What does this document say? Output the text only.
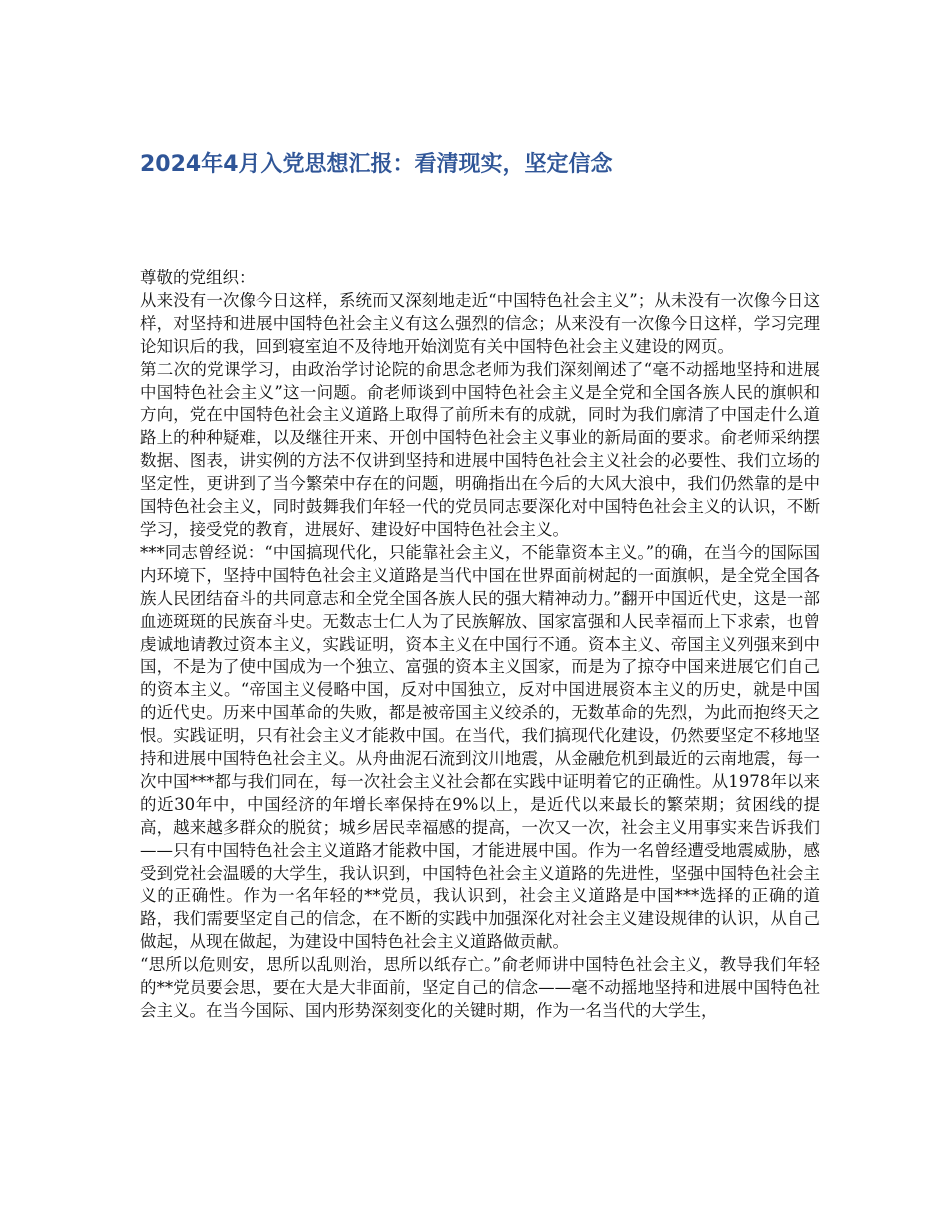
2024年4月入党思想汇报：看清现实，坚定信念

尊敬的党组织：

从来没有一次像今日这样，系统而又深刻地走近“中国特色社会主义”；从未没有一次像今日这样，对坚持和进展中国特色社会主义有这么强烈的信念；从来没有一次像今日这样，学习完理论知识后的我，回到寝室迫不及待地开始浏览有关中国特色社会主义建设的网页。

第二次的党课学习，由政治学讨论院的俞思念老师为我们深刻阐述了“毫不动摇地坚持和进展中国特色社会主义”这一问题。俞老师谈到中国特色社会主义是全党和全国各族人民的旗帜和方向，党在中国特色社会主义道路上取得了前所未有的成就，同时为我们廓清了中国走什么道路上的种种疑难，以及继往开来、开创中国特色社会主义事业的新局面的要求。俞老师采纳摆数据、图表，讲实例的方法不仅讲到坚持和进展中国特色社会主义社会的必要性、我们立场的坚定性，更讲到了当今繁荣中存在的问题，明确指出在今后的大风大浪中，我们仍然靠的是中国特色社会主义，同时鼓舞我们年轻一代的党员同志要深化对中国特色社会主义的认识，不断学习，接受党的教育，进展好、建设好中国特色社会主义。

***同志曾经说：“中国搞现代化，只能靠社会主义，不能靠资本主义。”的确，在当今的国际国内环境下，坚持中国特色社会主义道路是当代中国在世界面前树起的一面旗帜，是全党全国各族人民团结奋斗的共同意志和全党全国各族人民的强大精神动力。”翻开中国近代史，这是一部血迹斑斑的民族奋斗史。无数志士仁人为了民族解放、国家富强和人民幸福而上下求索，也曾虔诚地请教过资本主义，实践证明，资本主义在中国行不通。资本主义、帝国主义列强来到中国，不是为了使中国成为一个独立、富强的资本主义国家，而是为了掠夺中国来进展它们自己的资本主义。“帝国主义侵略中国，反对中国独立，反对中国进展资本主义的历史，就是中国的近代史。历来中国革命的失败，都是被帝国主义绞杀的，无数革命的先烈，为此而抱终天之恨。实践证明，只有社会主义才能救中国。在当代，我们搞现代化建设，仍然要坚定不移地坚持和进展中国特色社会主义。从舟曲泥石流到汶川地震，从金融危机到最近的云南地震，每一次中国***都与我们同在，每一次社会主义社会都在实践中证明着它的正确性。从1978年以来的近30年中，中国经济的年增长率保持在9%以上，是近代以来最长的繁荣期；贫困线的提高，越来越多群众的脱贫；城乡居民幸福感的提高，一次又一次，社会主义用事实来告诉我们——只有中国特色社会主义道路才能救中国，才能进展中国。作为一名曾经遭受地震威胁，感受到党社会温暖的大学生，我认识到，中国特色社会主义道路的先进性，坚强中国特色社会主义的正确性。作为一名年轻的**党员，我认识到，社会主义道路是中国***选择的正确的道路，我们需要坚定自己的信念，在不断的实践中加强深化对社会主义建设规律的认识，从自己做起，从现在做起，为建设中国特色社会主义道路做贡献。

“思所以危则安，思所以乱则治，思所以纸存亡。”俞老师讲中国特色社会主义，教导我们年轻的**党员要会思，要在大是大非面前，坚定自己的信念——毫不动摇地坚持和进展中国特色社会主义。在当今国际、国内形势深刻变化的关键时期，作为一名当代的大学生，
